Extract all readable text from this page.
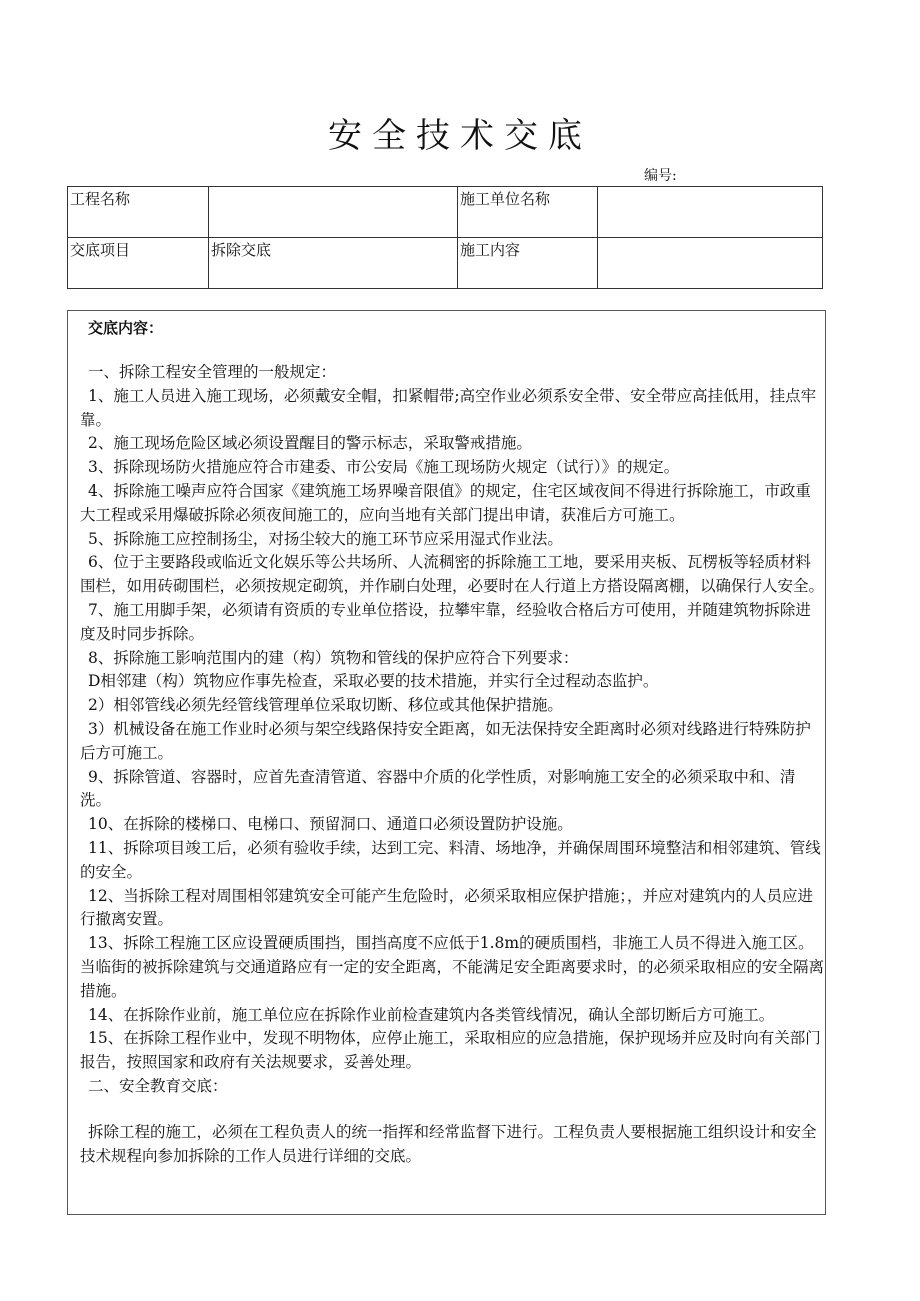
安全技术交底
编号:
工程名称		施工单位名称	
交底项目	拆除交底	施工内容	
交底内容：

一、拆除工程安全管理的一般规定：

1、施工人员进入施工现场，必须戴安全帽，扣紧帽带;高空作业必须系安全带、安全带应高挂低用，挂点牢靠。

2、施工现场危险区域必须设置醒目的警示标志，采取警戒措施。

3、拆除现场防火措施应符合市建委、市公安局《施工现场防火规定（试行）》的规定。

4、拆除施工噪声应符合国家《建筑施工场界噪音限值》的规定，住宅区域夜间不得进行拆除施工，市政重大工程或采用爆破拆除必须夜间施工的，应向当地有关部门提出申请，获准后方可施工。

5、拆除施工应控制扬尘，对扬尘较大的施工环节应采用湿式作业法。

6、位于主要路段或临近文化娱乐等公共场所、人流稠密的拆除施工工地，要采用夹板、瓦楞板等轻质材料围栏，如用砖砌围栏，必须按规定砌筑，并作刷白处理，必要时在人行道上方搭设隔离棚，以确保行人安全。

7、施工用脚手架，必须请有资质的专业单位搭设，拉攀牢靠，经验收合格后方可使用，并随建筑物拆除进度及时同步拆除。

8、拆除施工影响范围内的建（构）筑物和管线的保护应符合下列要求：

D相邻建（构）筑物应作事先检查，采取必要的技术措施，并实行全过程动态监护。

2）相邻管线必须先经管线管理单位采取切断、移位或其他保护措施。

3）机械设备在施工作业时必须与架空线路保持安全距离，如无法保持安全距离时必须对线路进行特殊防护后方可施工。

9、拆除管道、容器时，应首先查清管道、容器中介质的化学性质，对影响施工安全的必须采取中和、清洗。

10、在拆除的楼梯口、电梯口、预留洞口、通道口必须设置防护设施。

11、拆除项目竣工后，必须有验收手续，达到工完、料清、场地净，并确保周围环境整洁和相邻建筑、管线的安全。

12、当拆除工程对周围相邻建筑安全可能产生危险时，必须采取相应保护措施；，并应对建筑内的人员应进行撤离安置。

13、拆除工程施工区应设置硬质围挡，围挡高度不应低于1.8m的硬质围档，非施工人员不得进入施工区。当临街的被拆除建筑与交通道路应有一定的安全距离，不能满足安全距离要求时，的必须采取相应的安全隔离措施。

14、在拆除作业前，施工单位应在拆除作业前检查建筑内各类管线情况，确认全部切断后方可施工。

15、在拆除工程作业中，发现不明物体，应停止施工，采取相应的应急措施，保护现场并应及时向有关部门报告，按照国家和政府有关法规要求，妥善处理。

二、安全教育交底：

拆除工程的施工，必须在工程负责人的统一指挥和经常监督下进行。工程负责人要根据施工组织设计和安全技术规程向参加拆除的工作人员进行详细的交底。
